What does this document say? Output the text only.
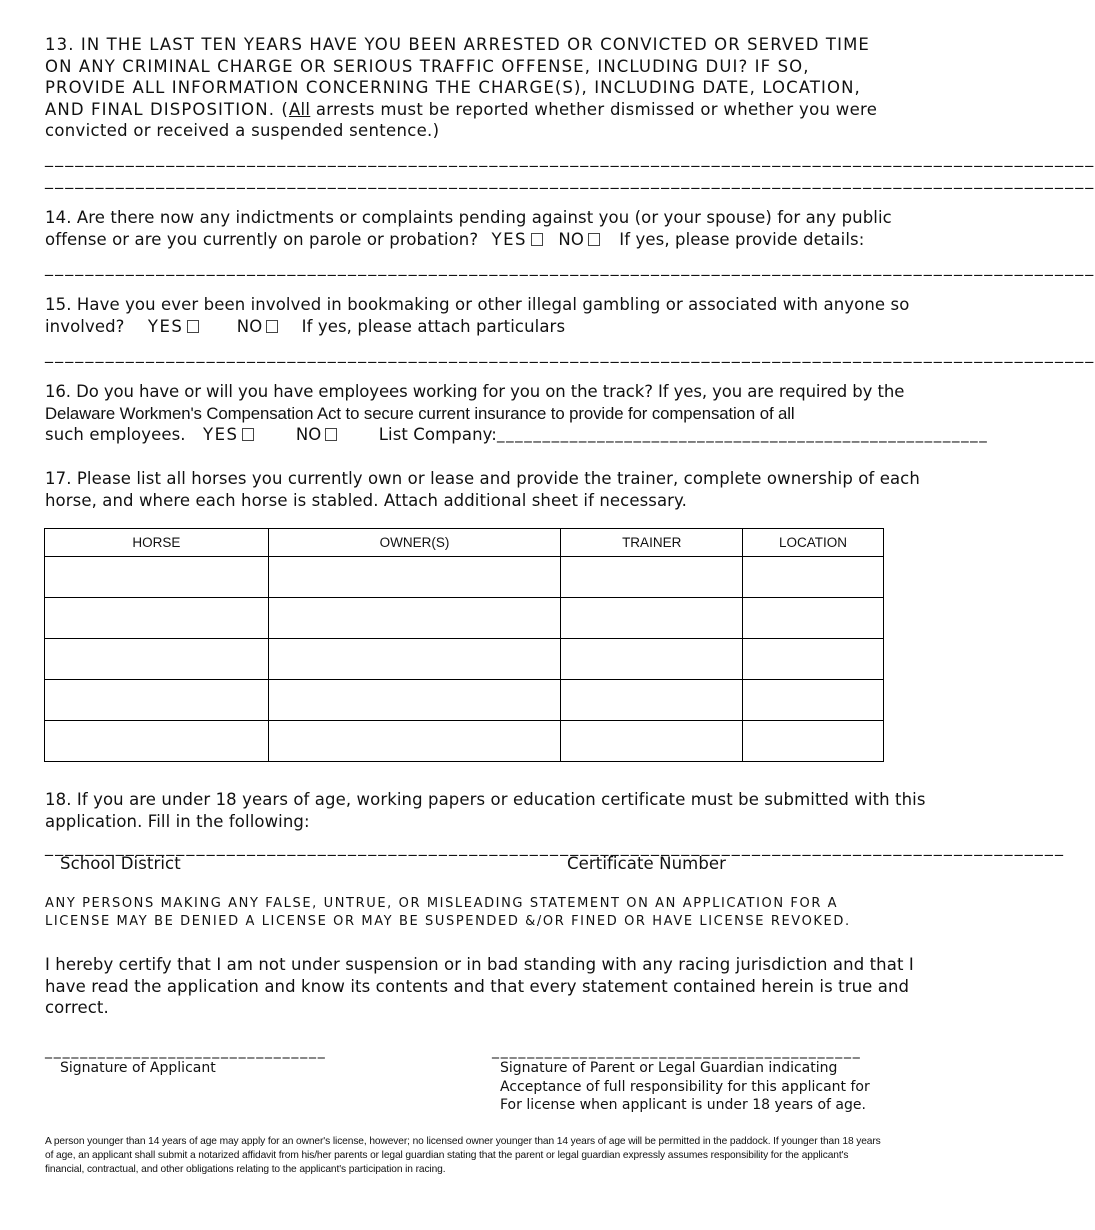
13. IN THE LAST TEN YEARS HAVE YOU BEEN ARRESTED OR CONVICTED OR SERVED TIME
ON ANY CRIMINAL CHARGE OR SERIOUS TRAFFIC OFFENSE, INCLUDING DUI? IF SO,
PROVIDE ALL INFORMATION CONCERNING THE CHARGE(S), INCLUDING DATE, LOCATION,
AND FINAL DISPOSITION. (All arrests must be reported whether dismissed or whether you were
convicted or received a suspended sentence.)
________________________________________________________________________________________________________
________________________________________________________________________________________________________
14. Are there now any indictments or complaints pending against you (or your spouse) for any public
offense or are you currently on parole or probation? YES NO If yes, please provide details:
________________________________________________________________________________________________________
15. Have you ever been involved in bookmaking or other illegal gambling or associated with anyone so
involved? YES	NO If yes, please attach particulars
________________________________________________________________________________________________________
16. Do you have or will you have employees working for you on the track? If yes, you are required by the
Delaware Workmen's Compensation Act to secure current insurance to provide for compensation of all
such employees. YES	NO	List Company:______________________________________________________
17. Please list all horses you currently own or lease and provide the trainer, complete ownership of each
horse, and where each horse is stabled. Attach additional sheet if necessary.
HORSE	OWNER(S)	TRAINER	LOCATION

18. If you are under 18 years of age, working papers or education certificate must be submitted with this
application. Fill in the following:
_____________________________________________________________________________________________________
School District	Certificate Number
ANY PERSONS MAKING ANY FALSE, UNTRUE, OR MISLEADING STATEMENT ON AN APPLICATION FOR A
LICENSE MAY BE DENIED A LICENSE OR MAY BE SUSPENDED &/OR FINED OR HAVE LICENSE REVOKED.
I hereby certify that I am not under suspension or in bad standing with any racing jurisdiction and that I
have read the application and know its contents and that every statement contained herein is true and
correct.
________________________________
Signature of Applicant
__________________________________________
Signature of Parent or Legal Guardian indicating
Acceptance of full responsibility for this applicant for
For license when applicant is under 18 years of age.
A person younger than 14 years of age may apply for an owner's license, however; no licensed owner younger than 14 years of age will be permitted in the paddock. If younger than 18 years
of age, an applicant shall submit a notarized affidavit from his/her parents or legal guardian stating that the parent or legal guardian expressly assumes responsibility for the applicant's
financial, contractual, and other obligations relating to the applicant's participation in racing.
